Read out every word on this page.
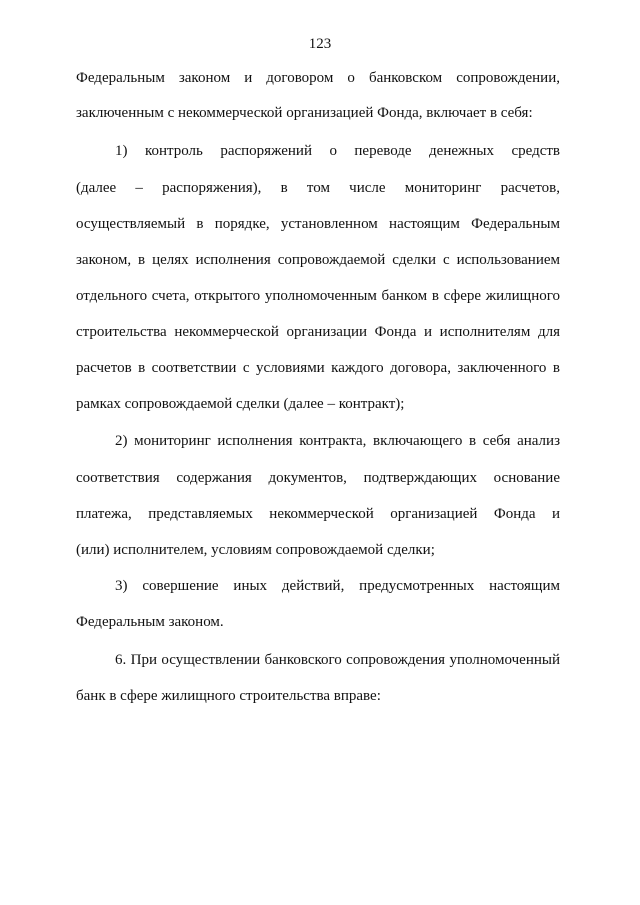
123
Федеральным законом и договором о банковском сопровождении,
заключенным с некоммерческой организацией Фонда, включает в себя:
1) контроль распоряжений о переводе денежных средств
(далее – распоряжения), в том числе мониторинг расчетов,
осуществляемый в порядке, установленном настоящим Федеральным
законом, в целях исполнения сопровождаемой сделки с использованием
отдельного счета, открытого уполномоченным банком в сфере жилищного
строительства некоммерческой организации Фонда и исполнителям для
расчетов в соответствии с условиями каждого договора, заключенного в
рамках сопровождаемой сделки (далее – контракт);
2) мониторинг исполнения контракта, включающего в себя анализ
соответствия содержания документов, подтверждающих основание
платежа, представляемых некоммерческой организацией Фонда и
(или) исполнителем, условиям сопровождаемой сделки;
3) совершение иных действий, предусмотренных настоящим
Федеральным законом.
6. При осуществлении банковского сопровождения уполномоченный
банк в сфере жилищного строительства вправе:
